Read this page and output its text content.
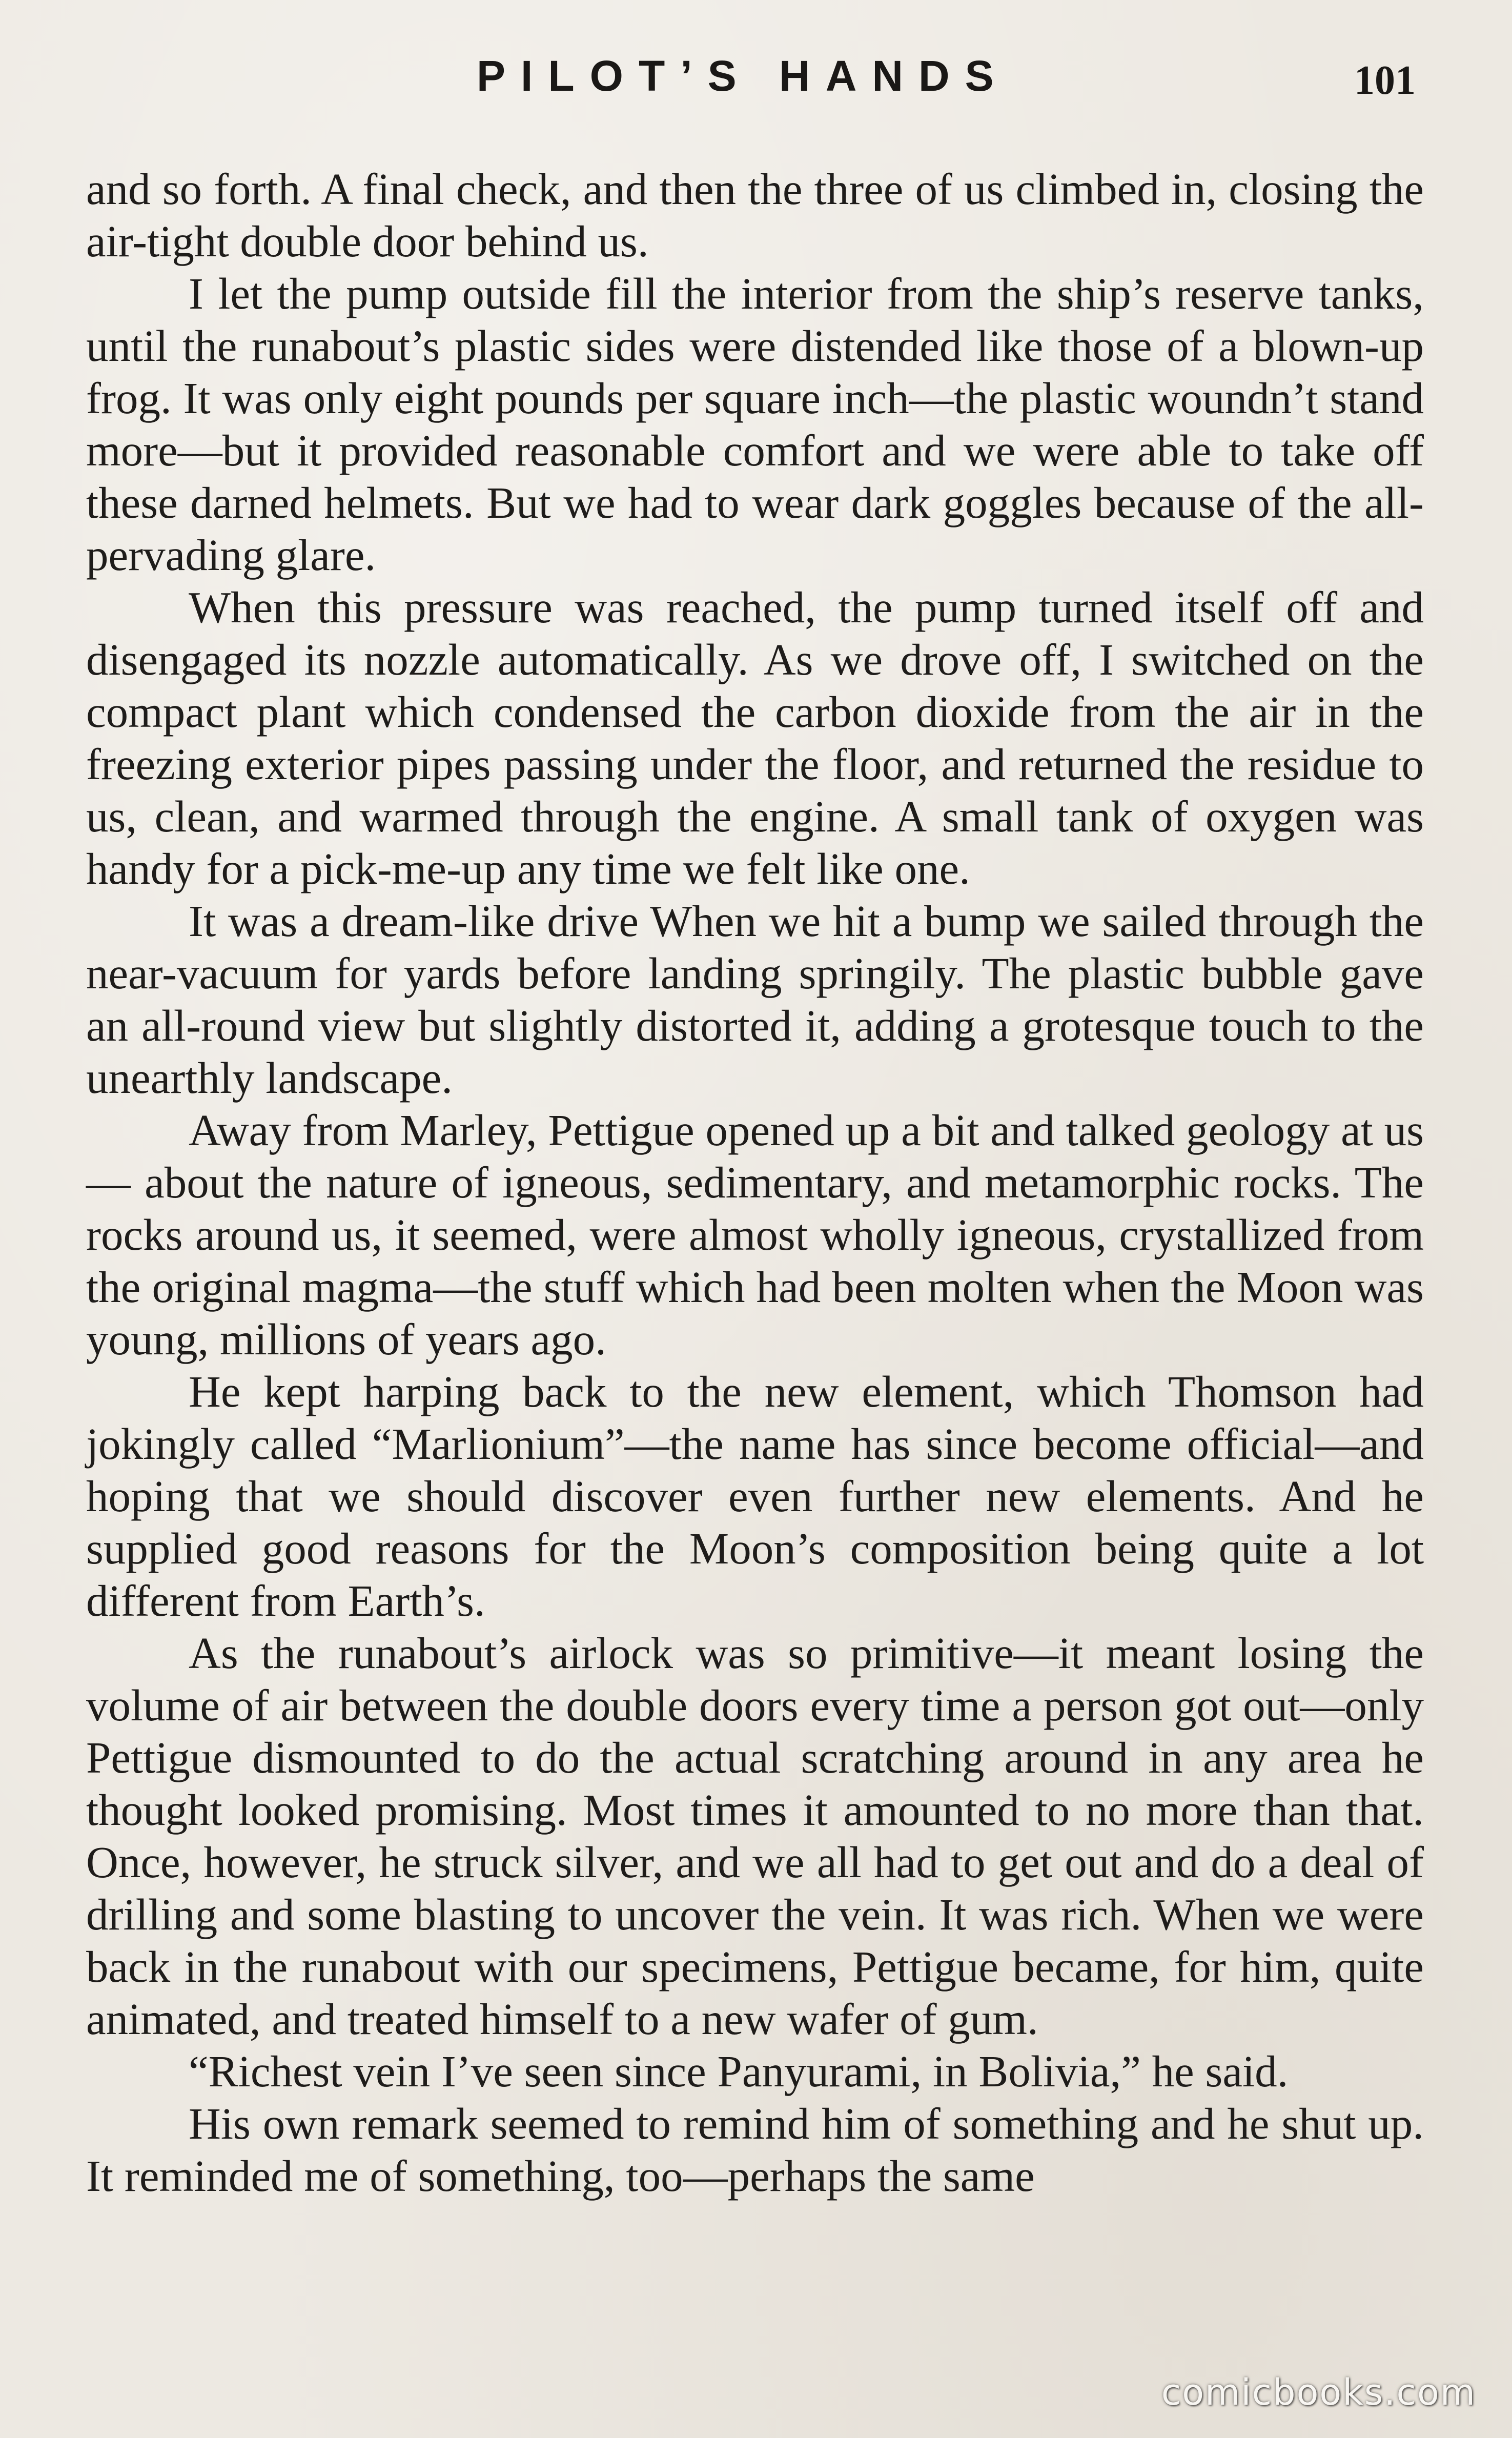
PILOT’S HANDS	101

and so forth. A final check, and then the three of us climbed in, closing the air-tight double door behind us.

I let the pump outside fill the interior from the ship’s reserve tanks, until the runabout’s plastic sides were distended like those of a blown-up frog. It was only eight pounds per square inch—the plastic woundn’t stand more—but it provided reasonable comfort and we were able to take off these darned helmets. But we had to wear dark goggles because of the all-pervading glare.

When this pressure was reached, the pump turned itself off and disengaged its nozzle automatically. As we drove off, I switched on the compact plant which condensed the carbon dioxide from the air in the freezing exterior pipes passing under the floor, and returned the residue to us, clean, and warmed through the engine. A small tank of oxygen was handy for a pick-me-up any time we felt like one.

It was a dream-like drive When we hit a bump we sailed through the near-vacuum for yards before landing springily. The plastic bubble gave an all-round view but slightly distorted it, adding a grotesque touch to the unearthly landscape.

Away from Marley, Pettigue opened up a bit and talked geology at us — about the nature of igneous, sedimentary, and metamorphic rocks. The rocks around us, it seemed, were almost wholly igneous, crystallized from the original magma—the stuff which had been molten when the Moon was young, millions of years ago.

He kept harping back to the new element, which Thomson had jokingly called “Marlionium”—the name has since become official—and hoping that we should discover even further new elements. And he supplied good reasons for the Moon’s composition being quite a lot different from Earth’s.

As the runabout’s airlock was so primitive—it meant losing the volume of air between the double doors every time a person got out—only Pettigue dismounted to do the actual scratching around in any area he thought looked promising. Most times it amounted to no more than that. Once, however, he struck silver, and we all had to get out and do a deal of drilling and some blasting to uncover the vein. It was rich. When we were back in the runabout with our specimens, Pettigue became, for him, quite animated, and treated himself to a new wafer of gum.

“Richest vein I’ve seen since Panyurami, in Bolivia,” he said.

His own remark seemed to remind him of something and he shut up. It reminded me of something, too—perhaps the same

comicbooks.com
